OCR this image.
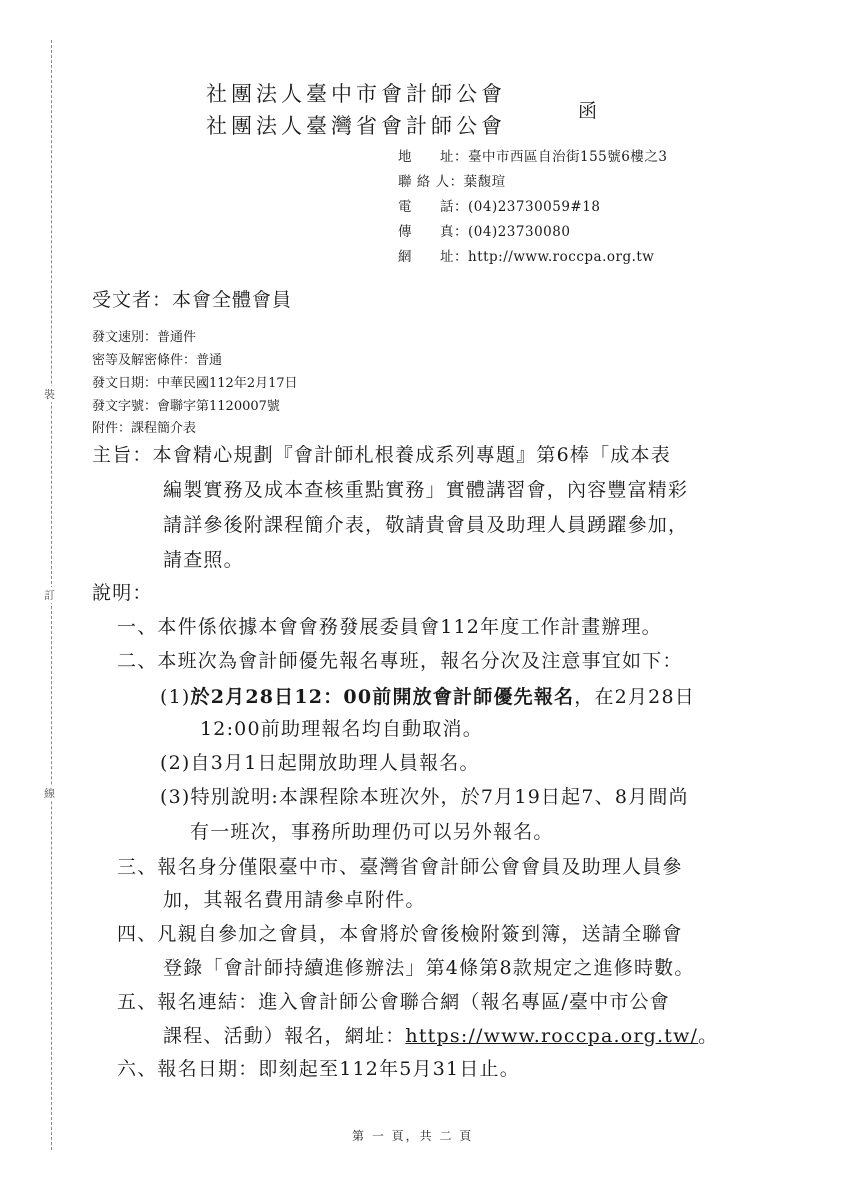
裝
訂
線
社團法人臺中市會計師公會
社團法人臺灣省會計師公會
函
地　　址：臺中市西區自治街155號6樓之3
聯 絡 人：葉馥瑄
電　　話：(04)23730059#18
傳　　真：(04)23730080
網　　址：http://www.roccpa.org.tw
受文者：本會全體會員
發文速別：普通件
密等及解密條件：普通
發文日期：中華民國112年2月17日
發文字號：會聯字第1120007號
附件：課程簡介表
主旨：本會精心規劃『會計師札根養成系列專題』第6棒「成本表
編製實務及成本查核重點實務」實體講習會，內容豐富精彩
請詳參後附課程簡介表，敬請貴會員及助理人員踴躍參加，
請查照。
說明：
一、本件係依據本會會務發展委員會112年度工作計畫辦理。
二、本班次為會計師優先報名專班，報名分次及注意事宜如下：
(1)於2月28日12：00前開放會計師優先報名，在2月28日
12:00前助理報名均自動取消。
(2)自3月1日起開放助理人員報名。
(3)特別說明:本課程除本班次外，於7月19日起7、8月間尚
有一班次，事務所助理仍可以另外報名。
三、報名身分僅限臺中市、臺灣省會計師公會會員及助理人員參
加，其報名費用請參卓附件。
四、凡親自參加之會員，本會將於會後檢附簽到簿，送請全聯會
登錄「會計師持續進修辦法」第4條第8款規定之進修時數。
五、報名連結：進入會計師公會聯合網（報名專區/臺中市公會
課程、活動）報名，網址：https://www.roccpa.org.tw/。
六、報名日期：即刻起至112年5月31日止。
第 一 頁，共 二 頁
